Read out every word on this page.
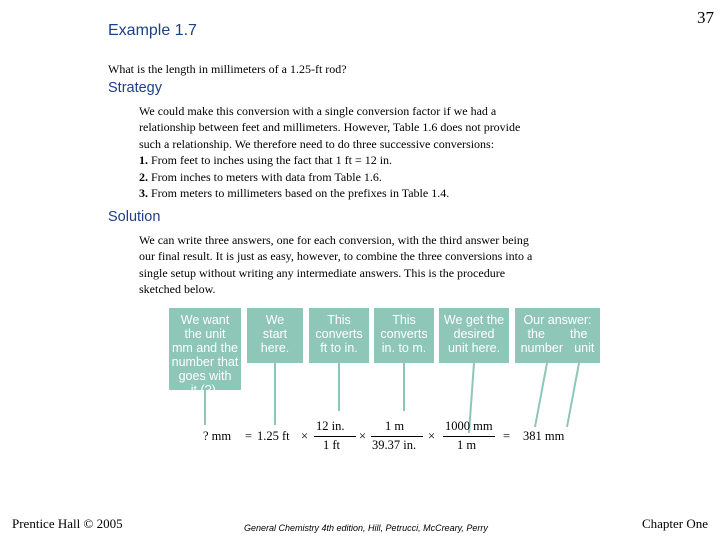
37
Example 1.7
What is the length in millimeters of a 1.25-ft rod?
Strategy
We could make this conversion with a single conversion factor if we had a
relationship between feet and millimeters. However, Table 1.6 does not provide
such a relationship. We therefore need to do three successive conversions:
1. From feet to inches using the fact that 1 ft = 12 in.
2. From inches to meters with data from Table 1.6.
3. From meters to millimeters based on the prefixes in Table 1.4.
Solution
We can write three answers, one for each conversion, with the third answer being
our final result. It is just as easy, however, to combine the three conversions into a
single setup without writing any intermediate answers. This is the procedure
sketched below.
We want
the unit
mm and the
number that
goes with
it (?).
We
start
here.
This
converts
ft to in.
This
converts
in. to m.
We get the
desired
unit here.
Our answer:
the the
number unit
? mm = 1.25 ft ×
12 in.
1 ft
×
1 m
39.37 in.
×
1000 mm
1 m
= 381 mm
Prentice Hall © 2005	General Chemistry 4th edition, Hill, Petrucci, McCreary, Perry	Chapter One
